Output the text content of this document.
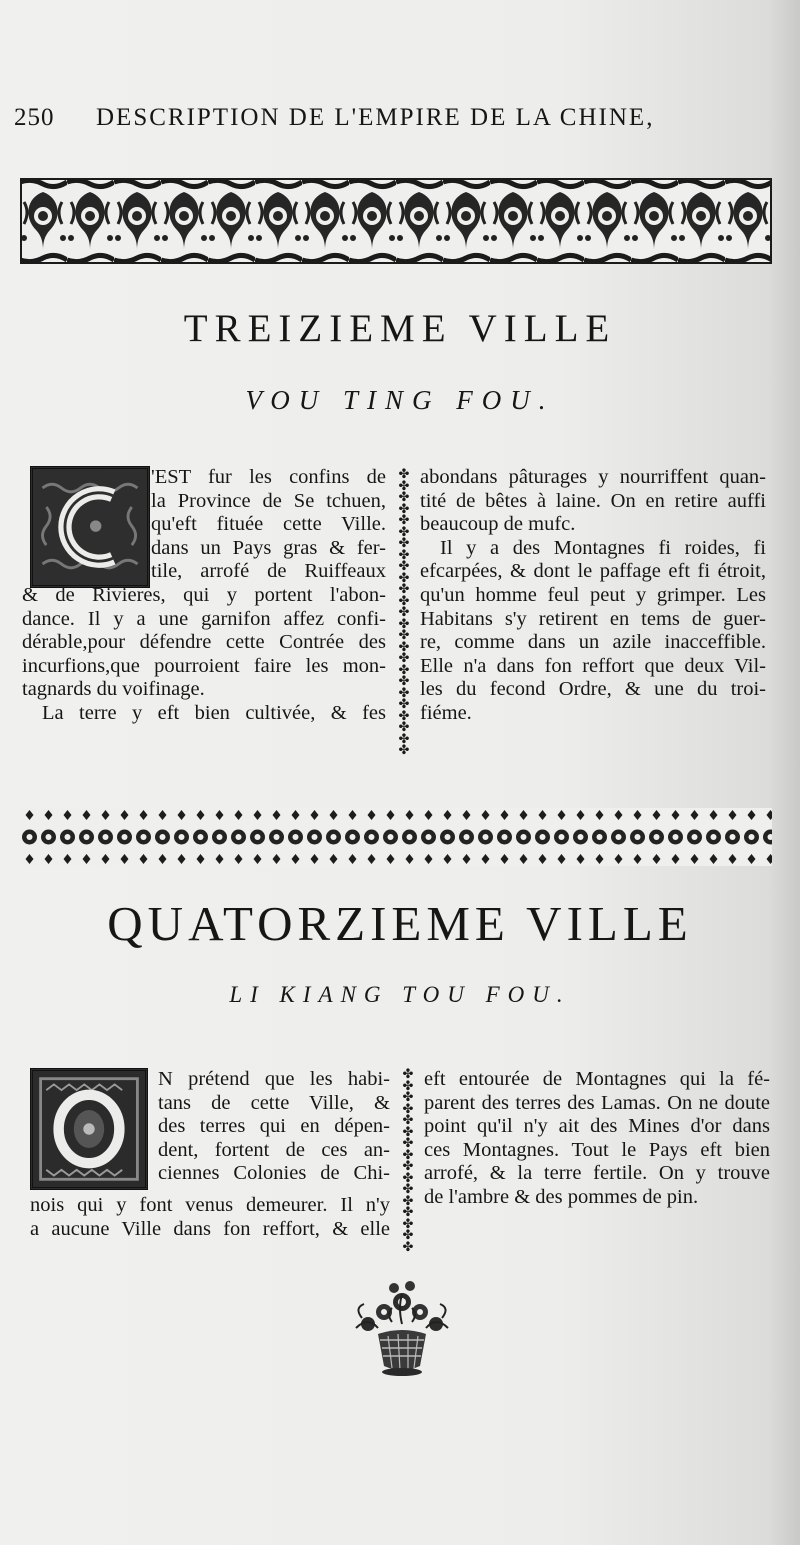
250 DESCRIPTION DE L'EMPIRE DE LA CHINE,
TREIZIEME VILLE
VOU TING FOU.
'EST fur les confins de
la Province de Se tchuen,
qu'eft fituée cette Ville.
dans un Pays gras & fer-
tile, arrofé de Ruiffeaux
& de Rivieres, qui y portent l'abon-
dance. Il y a une garnifon affez confi-
dérable,pour défendre cette Contrée des
incurfions,que pourroient faire les mon-
tagnards du voifinage.
La terre y eft bien cultivée, & fes
✤
✤
✤
✤
✤
✤
✤
✤
✤
✤
✤
✤
✤
✤
✤
✤
✤
✤
✤
✤
✤
✤
✤
✤
✤
abondans pâturages y nourriffent quan-
tité de bêtes à laine. On en retire auffi
beaucoup de mufc.
Il y a des Montagnes fi roides, fi
efcarpées, & dont le paffage eft fi étroit,
qu'un homme feul peut y grimper. Les
Habitans s'y retirent en tems de guer-
re, comme dans un azile inacceffible.
Elle n'a dans fon reffort que deux Vil-
les du fecond Ordre, & une du troi-
fiéme.
QUATORZIEME VILLE
LI KIANG TOU FOU.
N prétend que les habi-
tans de cette Ville, &
des terres qui en dépen-
dent, fortent de ces an-
ciennes Colonies de Chi-
nois qui y font venus demeurer. Il n'y
a aucune Ville dans fon reffort, & elle
✤
✤
✤
✤
✤
✤
✤
✤
✤
✤
✤
✤
✤
✤
✤
✤
eft entourée de Montagnes qui la fé-
parent des terres des Lamas. On ne doute
point qu'il n'y ait des Mines d'or dans
ces Montagnes. Tout le Pays eft bien
arrofé, & la terre fertile. On y trouve
de l'ambre & des pommes de pin.
